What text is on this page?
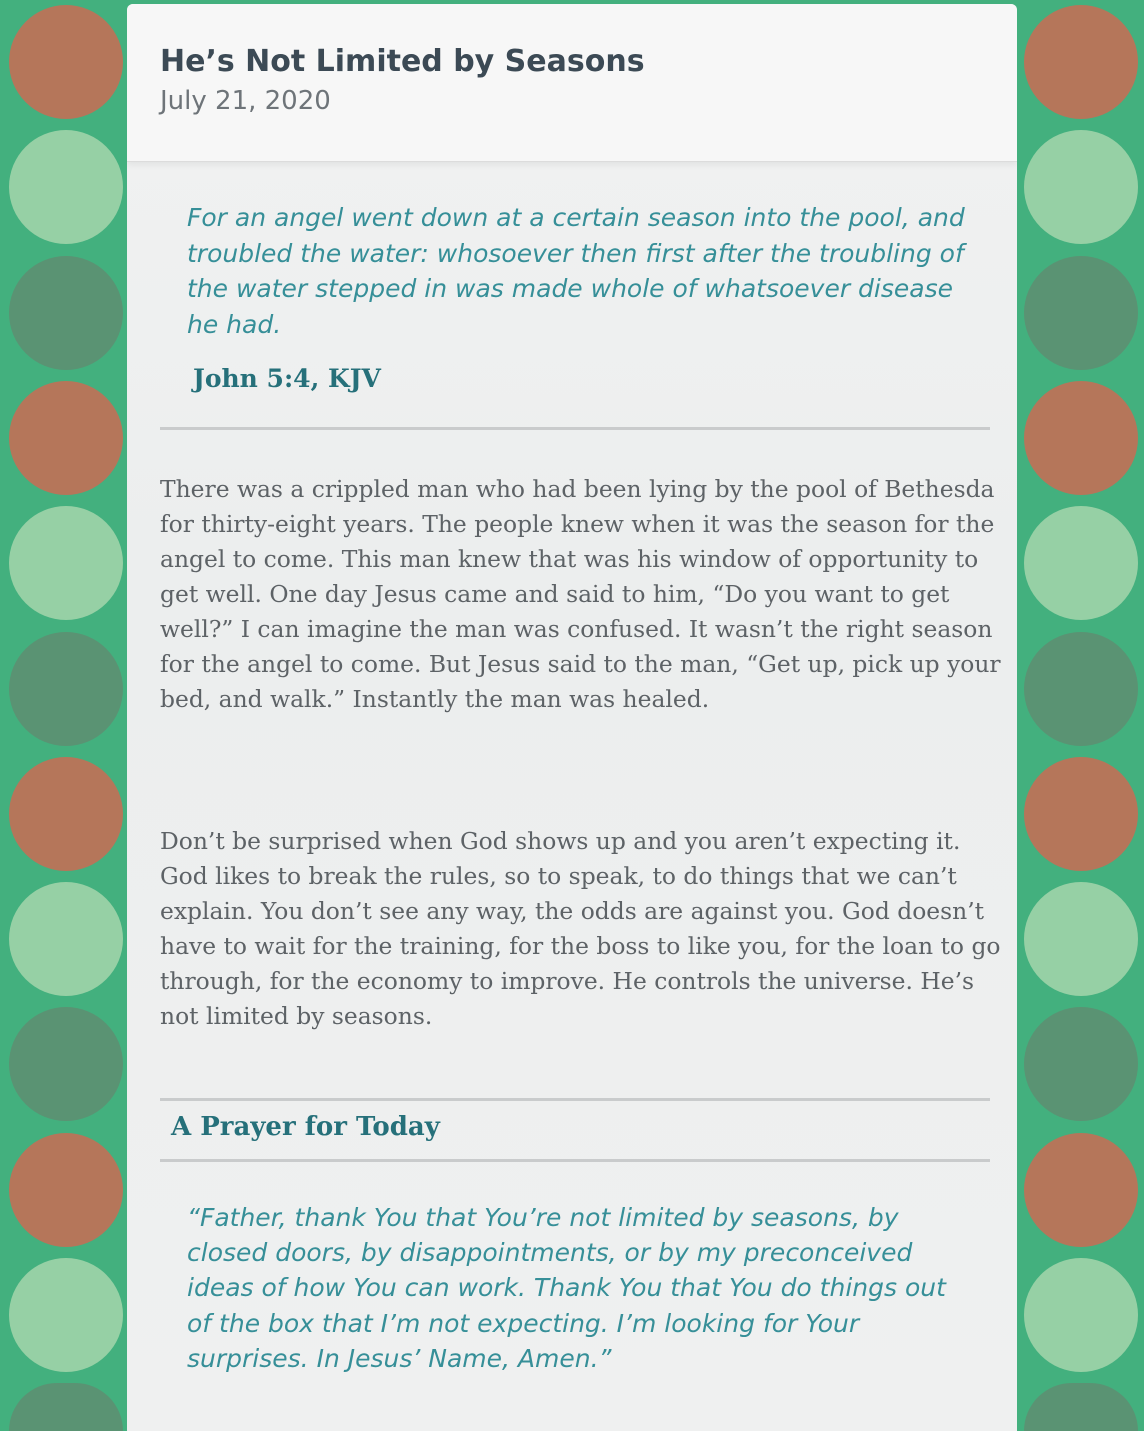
He’s Not Limited by Seasons
July 21, 2020
For an angel went down at a certain season into the pool, and troubled the water: whosoever then first after the troubling of the water stepped in was made whole of whatsoever disease he had.
John 5:4, KJV
There was a crippled man who had been lying by the pool of Bethesda for thirty-eight years. The people knew when it was the season for the angel to come. This man knew that was his window of opportunity to get well. One day Jesus came and said to him, “Do you want to get well?” I can imagine the man was confused. It wasn’t the right season for the angel to come. But Jesus said to the man, “Get up, pick up your bed, and walk.” Instantly the man was healed.
Don’t be surprised when God shows up and you aren’t expecting it. God likes to break the rules, so to speak, to do things that we can’t explain. You don’t see any way, the odds are against you. God doesn’t have to wait for the training, for the boss to like you, for the loan to go through, for the economy to improve. He controls the universe. He’s not limited by seasons.
A Prayer for Today
“Father, thank You that You’re not limited by seasons, by closed doors, by disappointments, or by my preconceived ideas of how You can work. Thank You that You do things out of the box that I’m not expecting. I’m looking for Your surprises. In Jesus’ Name, Amen.”
